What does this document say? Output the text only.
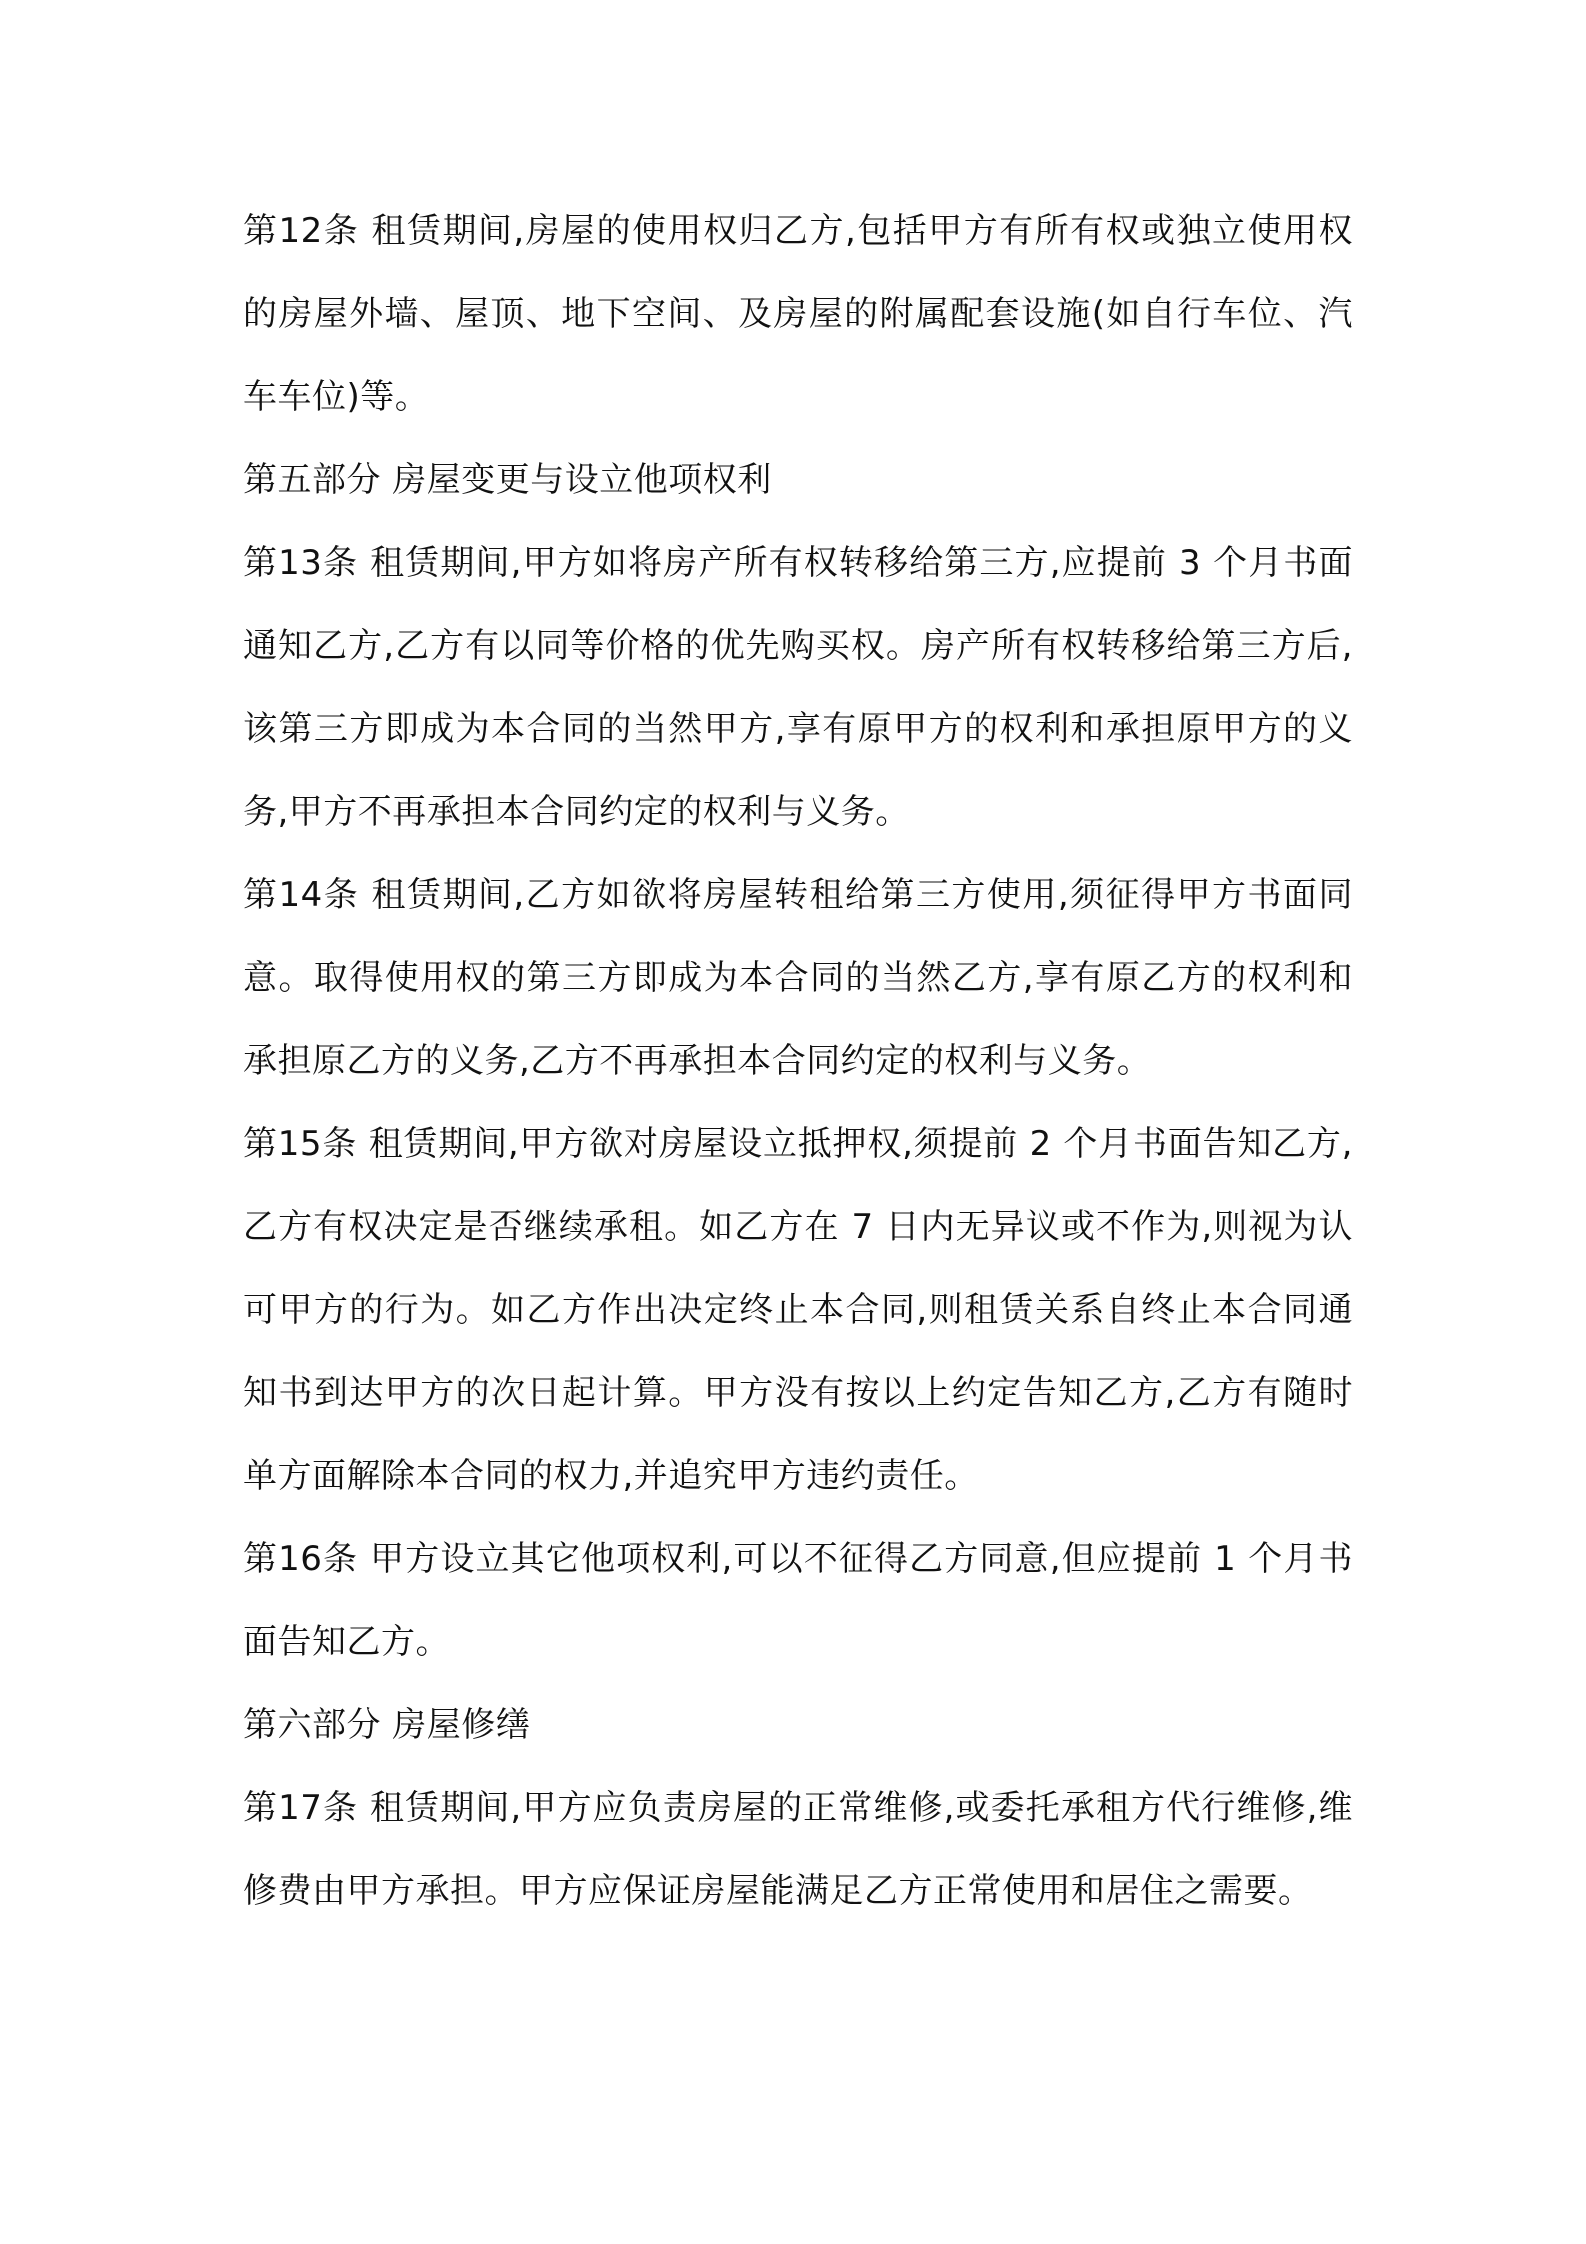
第12条 租赁期间,房屋的使用权归乙方,包括甲方有所有权或独立使用权的房屋外墙、屋顶、地下空间、及房屋的附属配套设施(如自行车位、汽车车位)等。

第五部分 房屋变更与设立他项权利

第13条 租赁期间,甲方如将房产所有权转移给第三方,应提前 3 个月书面通知乙方,乙方有以同等价格的优先购买权。房产所有权转移给第三方后,该第三方即成为本合同的当然甲方,享有原甲方的权利和承担原甲方的义务,甲方不再承担本合同约定的权利与义务。

第14条 租赁期间,乙方如欲将房屋转租给第三方使用,须征得甲方书面同意。取得使用权的第三方即成为本合同的当然乙方,享有原乙方的权利和承担原乙方的义务,乙方不再承担本合同约定的权利与义务。

第15条 租赁期间,甲方欲对房屋设立抵押权,须提前 2 个月书面告知乙方,乙方有权决定是否继续承租。如乙方在 7 日内无异议或不作为,则视为认可甲方的行为。如乙方作出决定终止本合同,则租赁关系自终止本合同通知书到达甲方的次日起计算。甲方没有按以上约定告知乙方,乙方有随时单方面解除本合同的权力,并追究甲方违约责任。

第16条 甲方设立其它他项权利,可以不征得乙方同意,但应提前 1 个月书面告知乙方。

第六部分 房屋修缮

第17条 租赁期间,甲方应负责房屋的正常维修,或委托承租方代行维修,维修费由甲方承担。甲方应保证房屋能满足乙方正常使用和居住之需要。
